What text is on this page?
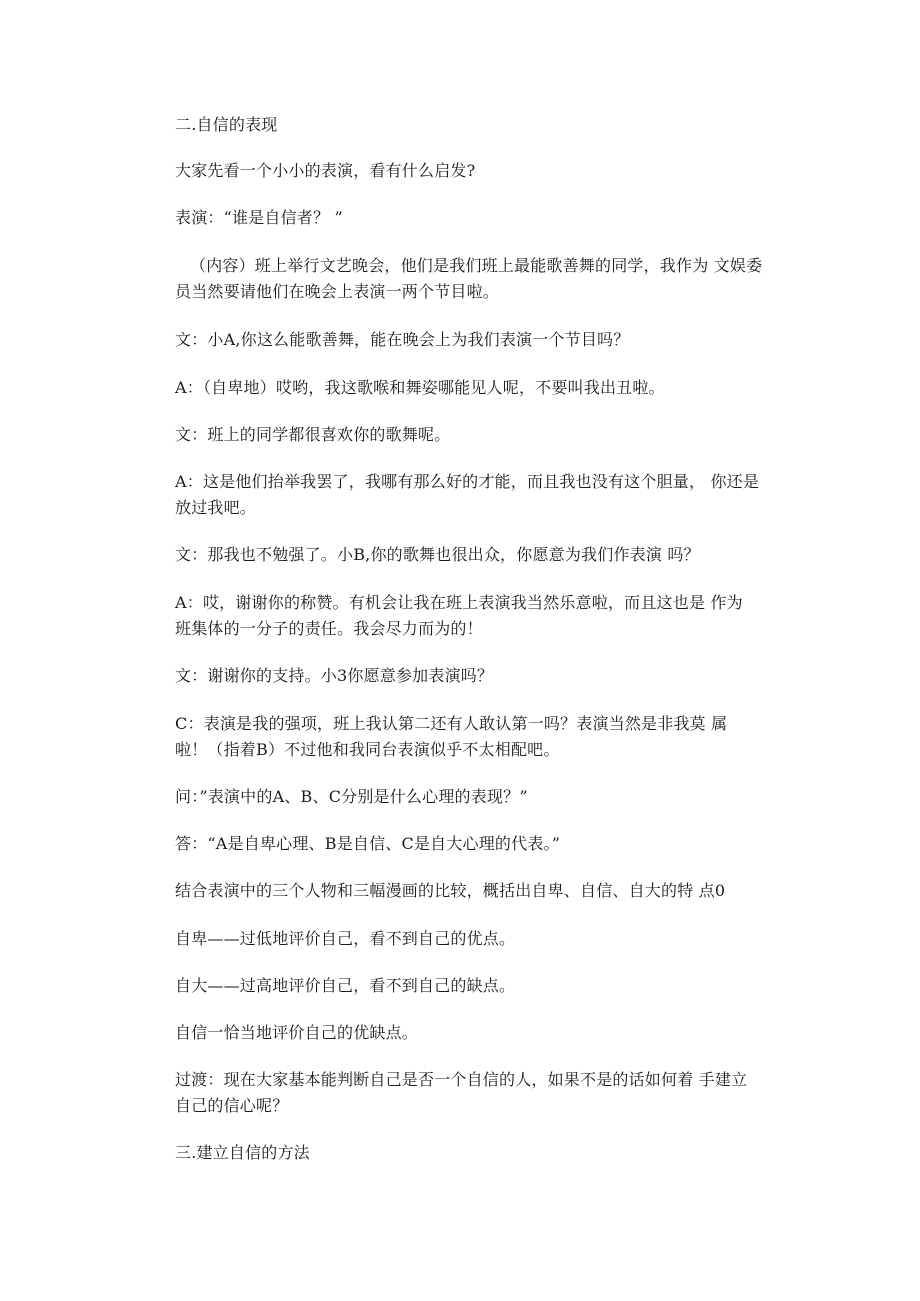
二.自信的表现
大家先看一个小小的表演，看有什么启发?
表演：“谁是自信者？ ”
（内容）班上举行文艺晚会，他们是我们班上最能歌善舞的同学，我作为 文娱委
员当然要请他们在晚会上表演一两个节目啦。
文：小A,你这么能歌善舞，能在晚会上为我们表演一个节目吗？
A：（自卑地）哎哟，我这歌喉和舞姿哪能见人呢，不要叫我出丑啦。
文：班上的同学都很喜欢你的歌舞呢。
A：这是他们抬举我罢了，我哪有那么好的才能，而且我也没有这个胆量， 你还是
放过我吧。
文：那我也不勉强了。小B,你的歌舞也很出众，你愿意为我们作表演 吗？
A：哎，谢谢你的称赞。有机会让我在班上表演我当然乐意啦，而且这也是 作为
班集体的一分子的责任。我会尽力而为的！
文：谢谢你的支持。小3你愿意参加表演吗？
C：表演是我的强项，班上我认第二还有人敢认第一吗？表演当然是非我莫 属
啦！（指着B）不过他和我同台表演似乎不太相配吧。
问：”表演中的A、B、C分别是什么心理的表现？”
答：“A是自卑心理、B是自信、C是自大心理的代表。”
结合表演中的三个人物和三幅漫画的比较，概括出自卑、自信、自大的特 点0
自卑——过低地评价自己，看不到自己的优点。
自大——过高地评价自己，看不到自己的缺点。
自信一恰当地评价自己的优缺点。
过渡：现在大家基本能判断自己是否一个自信的人，如果不是的话如何着 手建立
自己的信心呢？
三.建立自信的方法
